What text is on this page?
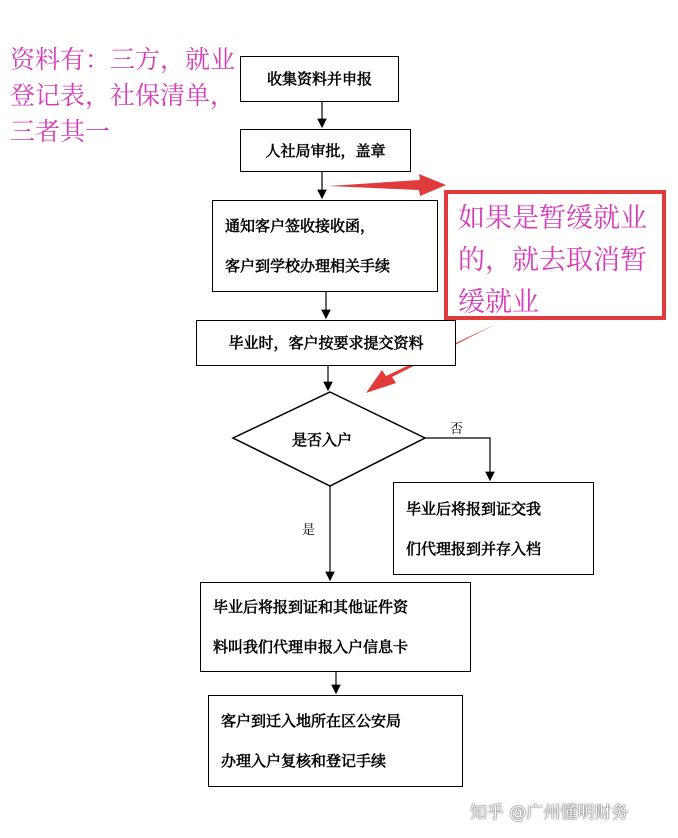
资料有：三方，就业
登记表，社保清单，
三者其一
收集资料并申报
人社局审批，盖章
通知客户签收接收函，
客户到学校办理相关手续
毕业时，客户按要求提交资料
是否入户
否
是
毕业后将报到证交我
们代理报到并存入档
毕业后将报到证和其他证件资
料叫我们代理申报入户信息卡
客户到迁入地所在区公安局
办理入户复核和登记手续
如果是暂缓就业
的，就去取消暂
缓就业
知乎 @广州懂明财务
